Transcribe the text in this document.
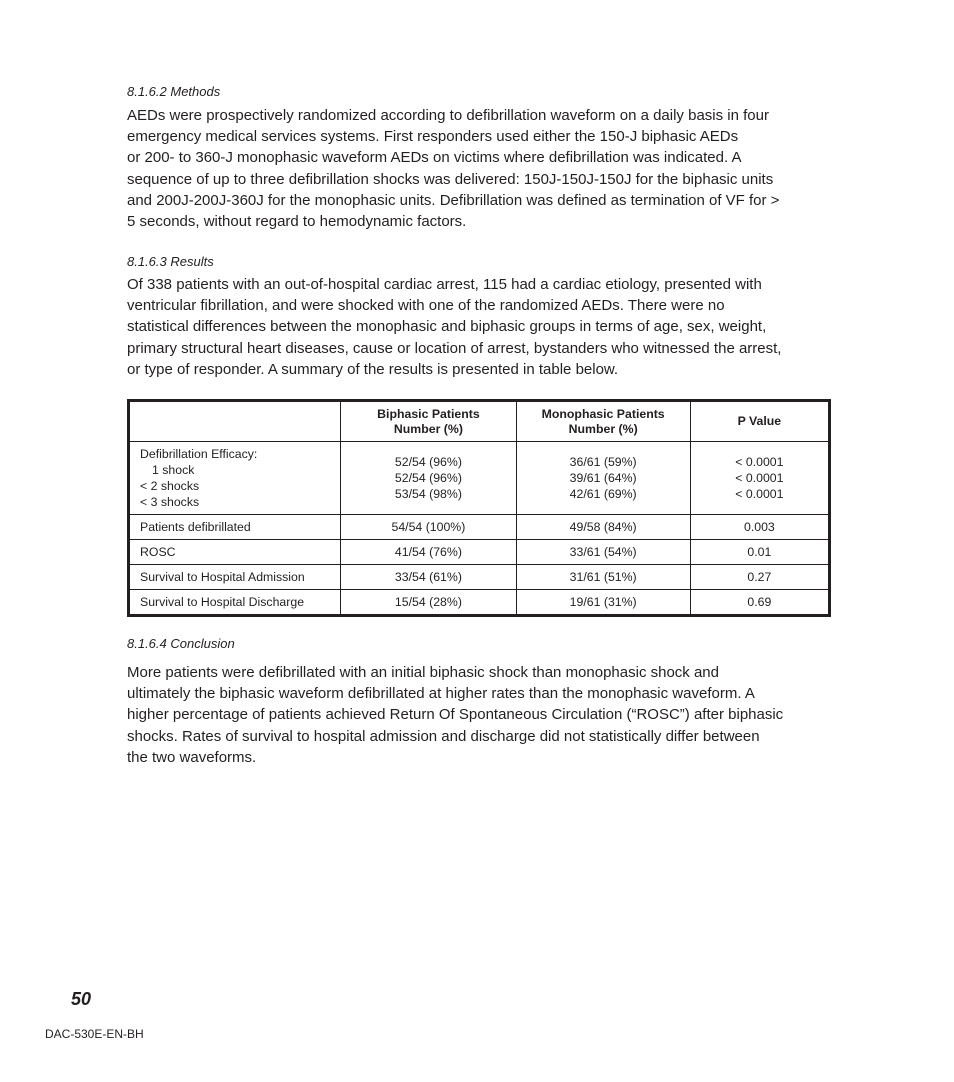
8.1.6.2 Methods

AEDs were prospectively randomized according to defibrillation waveform on a daily basis in four
emergency medical services systems. First responders used either the 150-J biphasic AEDs
or 200- to 360-J monophasic waveform AEDs on victims where defibrillation was indicated. A
sequence of up to three defibrillation shocks was delivered: 150J-150J-150J for the biphasic units
and 200J-200J-360J for the monophasic units. Defibrillation was defined as termination of VF for >
5 seconds, without regard to hemodynamic factors.

8.1.6.3 Results

Of 338 patients with an out-of-hospital cardiac arrest, 115 had a cardiac etiology, presented with
ventricular fibrillation, and were shocked with one of the randomized AEDs. There were no
statistical differences between the monophasic and biphasic groups in terms of age, sex, weight,
primary structural heart diseases, cause or location of arrest, bystanders who witnessed the arrest,
or type of responder. A summary of the results is presented in table below.

	Biphasic Patients
Number (%)	Monophasic Patients
Number (%)	P Value

Defibrillation Efficacy:
1 shock
< 2 shocks
< 3 shocks	52/54 (96%)
52/54 (96%)
53/54 (98%)	36/61 (59%)
39/61 (64%)
42/61 (69%)	< 0.0001
< 0.0001
< 0.0001

Patients defibrillated	54/54 (100%)	49/58 (84%)	0.003
ROSC	41/54 (76%)	33/61 (54%)	0.01
Survival to Hospital Admission	33/54 (61%)	31/61 (51%)	0.27
Survival to Hospital Discharge	15/54 (28%)	19/61 (31%)	0.69

8.1.6.4 Conclusion

More patients were defibrillated with an initial biphasic shock than monophasic shock and
ultimately the biphasic waveform defibrillated at higher rates than the monophasic waveform. A
higher percentage of patients achieved Return Of Spontaneous Circulation (“ROSC”) after biphasic
shocks. Rates of survival to hospital admission and discharge did not statistically differ between
the two waveforms.
50
DAC-530E-EN-BH
